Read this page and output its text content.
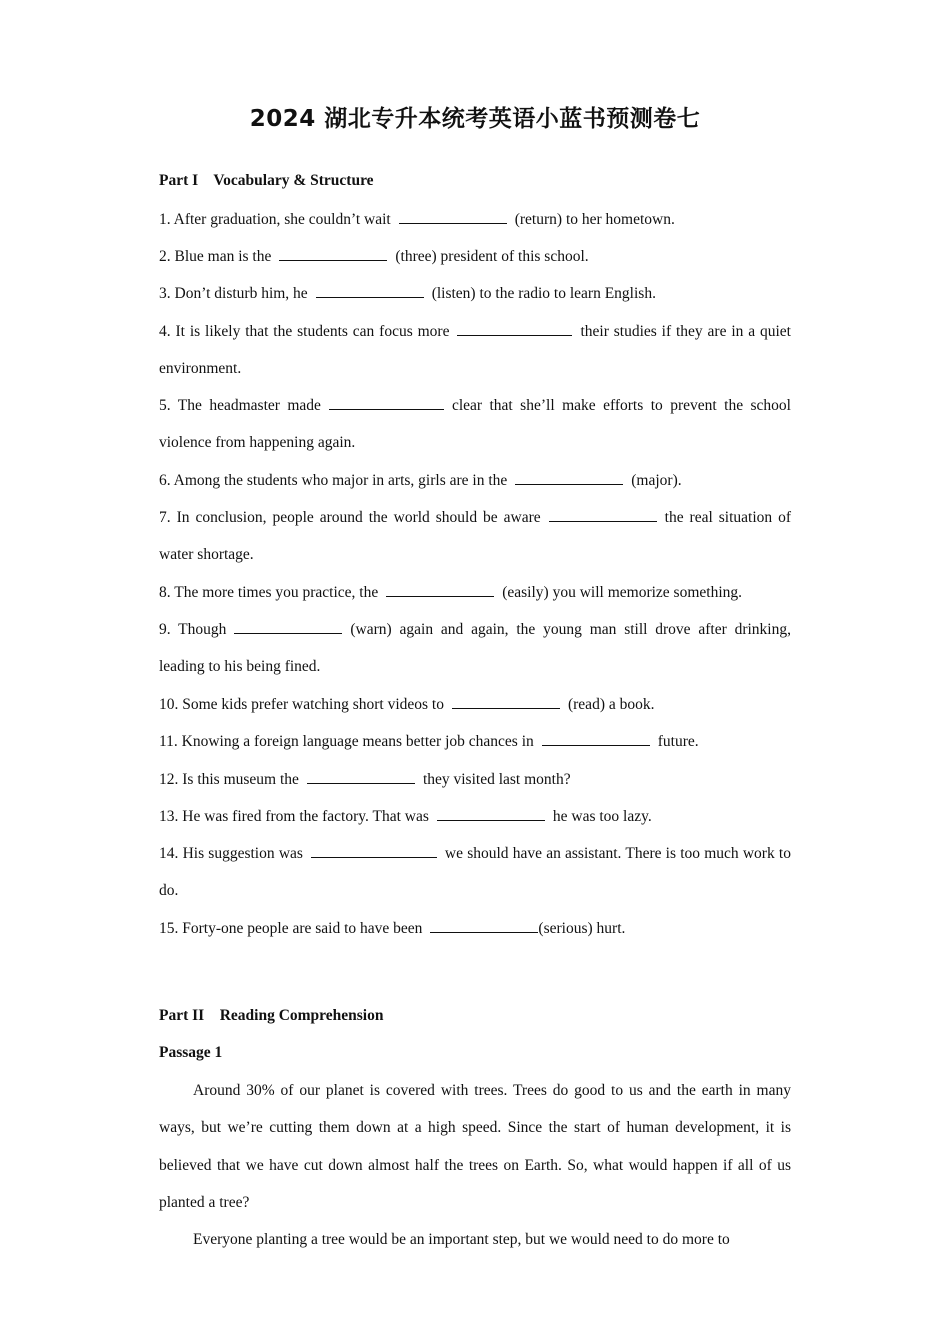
2024 湖北专升本统考英语小蓝书预测卷七

Part I    Vocabulary & Structure

1. After graduation, she couldn’t wait	(return) to her hometown.

2. Blue man is the	(three) president of this school.

3. Don’t disturb him, he	(listen) to the radio to learn English.

4. It is likely that the students can focus more	their studies if they are in a quiet environment.

5. The headmaster made	clear that she’ll make efforts to prevent the school violence from happening again.

6. Among the students who major in arts, girls are in the	(major).

7. In conclusion, people around the world should be aware	the real situation of water shortage.

8. The more times you practice, the	(easily) you will memorize something.

9. Though	(warn) again and again, the young man still drove after drinking, leading to his being fined.

10. Some kids prefer watching short videos to	(read) a book.

11. Knowing a foreign language means better job chances in	future.

12. Is this museum the	they visited last month?

13. He was fired from the factory. That was	he was too lazy.

14. His suggestion was	we should have an assistant. There is too much work to do.

15. Forty-one people are said to have been	(serious) hurt.

Part II    Reading Comprehension

Passage 1

Around 30% of our planet is covered with trees. Trees do good to us and the earth in many ways, but we’re cutting them down at a high speed. Since the start of human development, it is believed that we have cut down almost half the trees on Earth. So, what would happen if all of us planted a tree?

Everyone planting a tree would be an important step, but we would need to do more to
